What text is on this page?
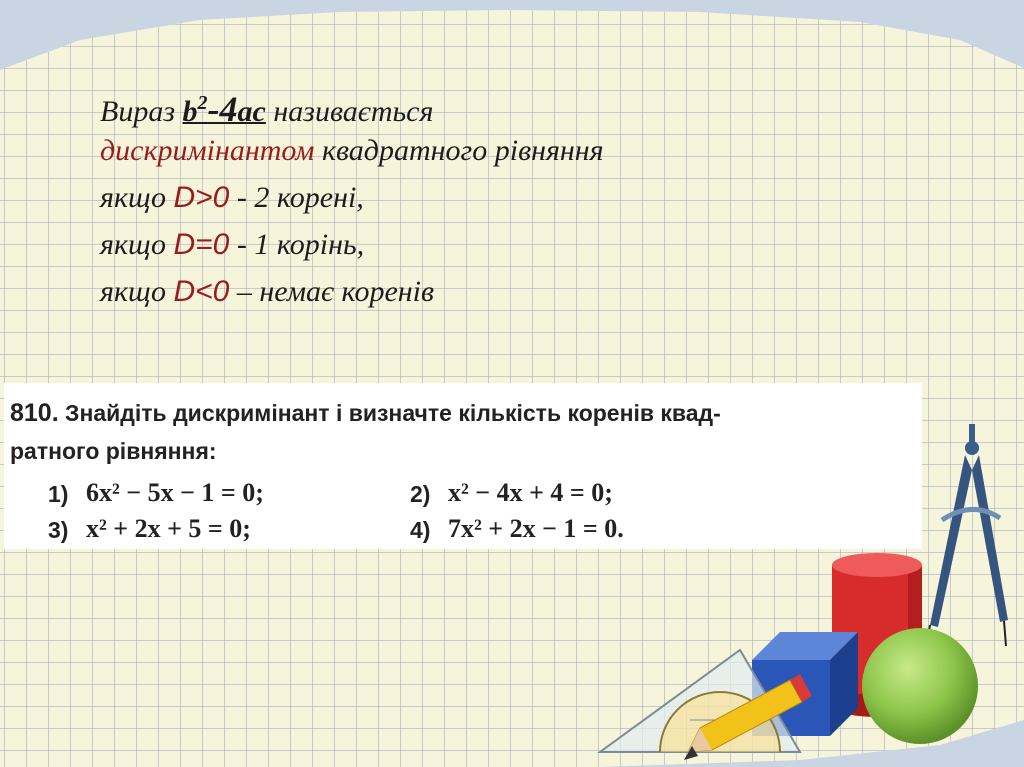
Вираз $b^2-4ac$ називається
дискримінантом квадратного рівняння
якщо D>0 - 2 корені,
якщо D=0 - 1 корінь,
якщо D<0 – немає коренів
810. Знайдіть дискримінант і визначте кількість коренів квад-
ратного рівняння:
1) 6x² − 5x − 1 = 0;	2) x² − 4x + 4 = 0;
3) x² + 2x + 5 = 0;	4) 7x² + 2x − 1 = 0.
